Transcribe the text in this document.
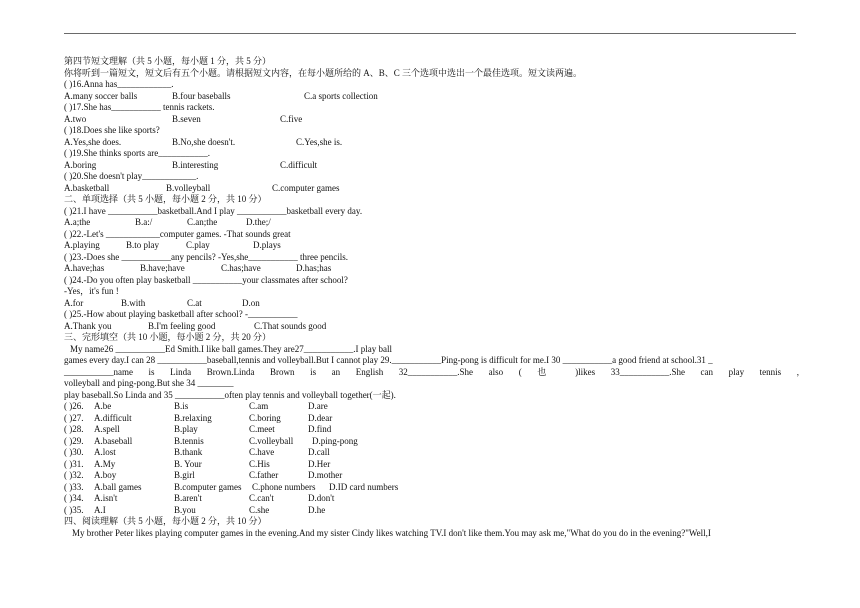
第四节短文理解（共 5 小题，每小题 1 分，共 5 分）
你将听到一篇短文，短文后有五个小题。请根据短文内容，在每小题所给的 A、B、C 三个选项中选出一个最佳选项。短文读两遍。
( )16.Anna has____________.
A.many soccer balls	B.four baseballs	C.a sports collection
( )17.She has___________ tennis rackets.
A.two	B.seven	C.five
( )18.Does she like sports?
A.Yes,she does.	B.No,she doesn't.	C.Yes,she is.
( )19.She thinks sports are___________.
A.boring	B.interesting	C.difficult
( )20.She doesn't play____________.
A.basketball	B.volleyball	C.computer games
二、单项选择（共 5 小题，每小题 2 分，共 10 分）
( )21.I have ___________basketball.And I play ___________basketball every day.
A.a;the	B.a:/	C.an;the	D.the;/
( )22.-Let's ____________computer games. -That sounds great
A.playing	B.to play	C.play	D.plays
( )23.-Does she ___________any pencils? -Yes,she___________ three pencils.
A.have;has	B.have;have	C.has;have	D.has;has
( )24.-Do you often play basketball ___________your classmates after school?
-Yes，it's fun !
A.for	B.with	C.at	D.on
( )25.-How about playing basketball after school? -___________
A.Thank you	B.I'm feeling good	C.That sounds good
三、完形填空（共 10 小题，每小题 2 分，共 20 分）
My name26 ___________Ed Smith.I like ball games.They are27___________.I play ball
games every day.I can 28 ___________baseball,tennis and volleyball.But I cannot play 29.___________Ping-pong is difficult for me.I 30 ___________a good friend at school.31 _
___________name is Linda Brown.Linda Brown is an English 32___________.She also ( 也 )likes 33___________.She can play tennis ,
volleyball and ping-pong.But she 34 ________
play baseball.So Linda and 35 ___________often play tennis and volleyball together(一起).
( )26. A.be	B.is	C.am	D.are
( )27. A.difficult	B.relaxing	C.boring	D.dear
( )28. A.spell	B.play	C.meet	D.find
( )29. A.baseball	B.tennis	C.volleyball D.ping-pong
( )30. A.lost	B.thank	C.have	D.call
( )31. A.My	B. Your	C.His	D.Her
( )32. A.boy	B.girl	C.father	D.mother
( )33. A.ball games	B.computer games C.phone numbers D.ID card numbers
( )34. A.isn't	B.aren't	C.can't	D.don't
( )35. A.I	B.you	C.she	D.he
四、阅读理解（共 5 小题，每小题 2 分，共 10 分）
My brother Peter likes playing computer games in the evening.And my sister Cindy likes watching TV.I don't like them.You may ask me,"What do you do in the evening?"Well,I
